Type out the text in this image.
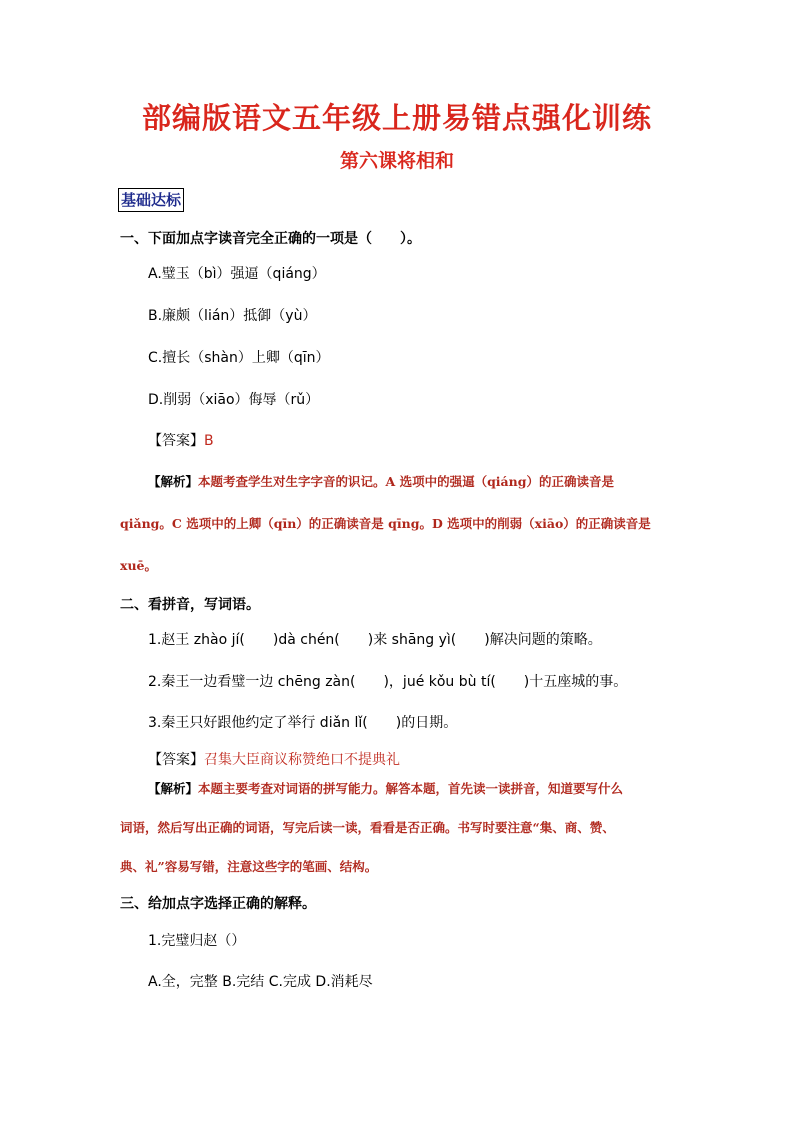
部编版语文五年级上册易错点强化训练
第六课将相和
基础达标
一、下面加点字读音完全正确的一项是（　　）。
A.璧玉（bì）强逼（qiáng）
B.廉颇（lián）抵御（yù）
C.擅长（shàn）上卿（qīn）
D.削弱（xiāo）侮辱（rǔ）
【答案】B
【解析】本题考查学生对生字字音的识记。A 选项中的强逼（qiáng）的正确读音是
qiǎng。C 选项中的上卿（qīn）的正确读音是 qīng。D 选项中的削弱（xiāo）的正确读音是
xuē。
二、看拼音，写词语。
1.赵王 zhào jí(　　)dà chén(　　)来 shāng yì(　　)解决问题的策略。
2.秦王一边看璧一边 chēng zàn(　　)，jué kǒu bù tí(　　)十五座城的事。
3.秦王只好跟他约定了举行 diǎn lǐ(　　)的日期。
【答案】召集大臣商议称赞绝口不提典礼
【解析】本题主要考查对词语的拼写能力。解答本题，首先读一读拼音，知道要写什么
词语，然后写出正确的词语，写完后读一读，看看是否正确。书写时要注意“集、商、赞、
典、礼”容易写错，注意这些字的笔画、结构。
三、给加点字选择正确的解释。
1.完璧归赵（）
A.全，完整 B.完结 C.完成 D.消耗尽
